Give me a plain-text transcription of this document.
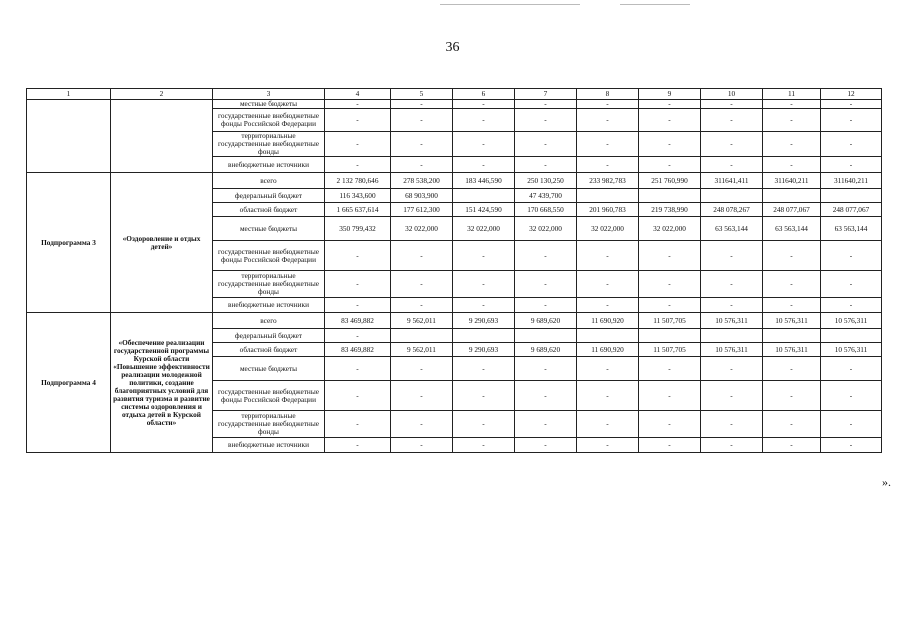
36
1	2	3	4	5	6	7	8	9	10	11	12
		местные бюджеты	-	-	-	-	-	-	-	-	-
		государственные внебюджетные фонды Российской Федерации	-	-	-	-	-	-	-	-	-
		территориальные государственные внебюджетные фонды	-	-	-	-	-	-	-	-	-
		внебюджетные источники	-	-	-	-	-	-	-	-	-
Подпрограмма 3	«Оздоровление и отдых детей»	всего	2 132 780,646	278 538,200	183 446,590	250 130,250	233 982,783	251 760,990	311641,411	311640,211	311640,211
		федеральный бюджет	116 343,600	68 903,900		47 439,700					
		областной бюджет	1 665 637,614	177 612,300	151 424,590	170 668,550	201 960,783	219 738,990	248 078,267	248 077,067	248 077,067
		местные бюджеты	350 799,432	32 022,000	32 022,000	32 022,000	32 022,000	32 022,000	63 563,144	63 563,144	63 563,144
		государственные внебюджетные фонды Российской Федерации	-	-	-	-	-	-	-	-	-
		территориальные государственные внебюджетные фонды	-	-	-	-	-	-	-	-	-
		внебюджетные источники	-	-	-	-	-	-	-	-	-
Подпрограмма 4	«Обеспечение реализации государственной программы Курской области «Повышение эффективности реализации молодежной политики, создание благоприятных условий для развития туризма и развитие системы оздоровления и отдыха детей в Курской области»	всего	83 469,882	9 562,011	9 290,693	9 689,620	11 690,920	11 507,705	10 576,311	10 576,311	10 576,311
		федеральный бюджет	-								
		областной бюджет	83 469,882	9 562,011	9 290,693	9 689,620	11 690,920	11 507,705	10 576,311	10 576,311	10 576,311
		местные бюджеты	-	-	-	-	-	-	-	-	-
		государственные внебюджетные фонды Российской Федерации	-	-	-	-	-	-	-	-	-
		территориальные государственные внебюджетные фонды	-	-	-	-	-	-	-	-	-
		внебюджетные источники	-	-	-	-	-	-	-	-	-
».
